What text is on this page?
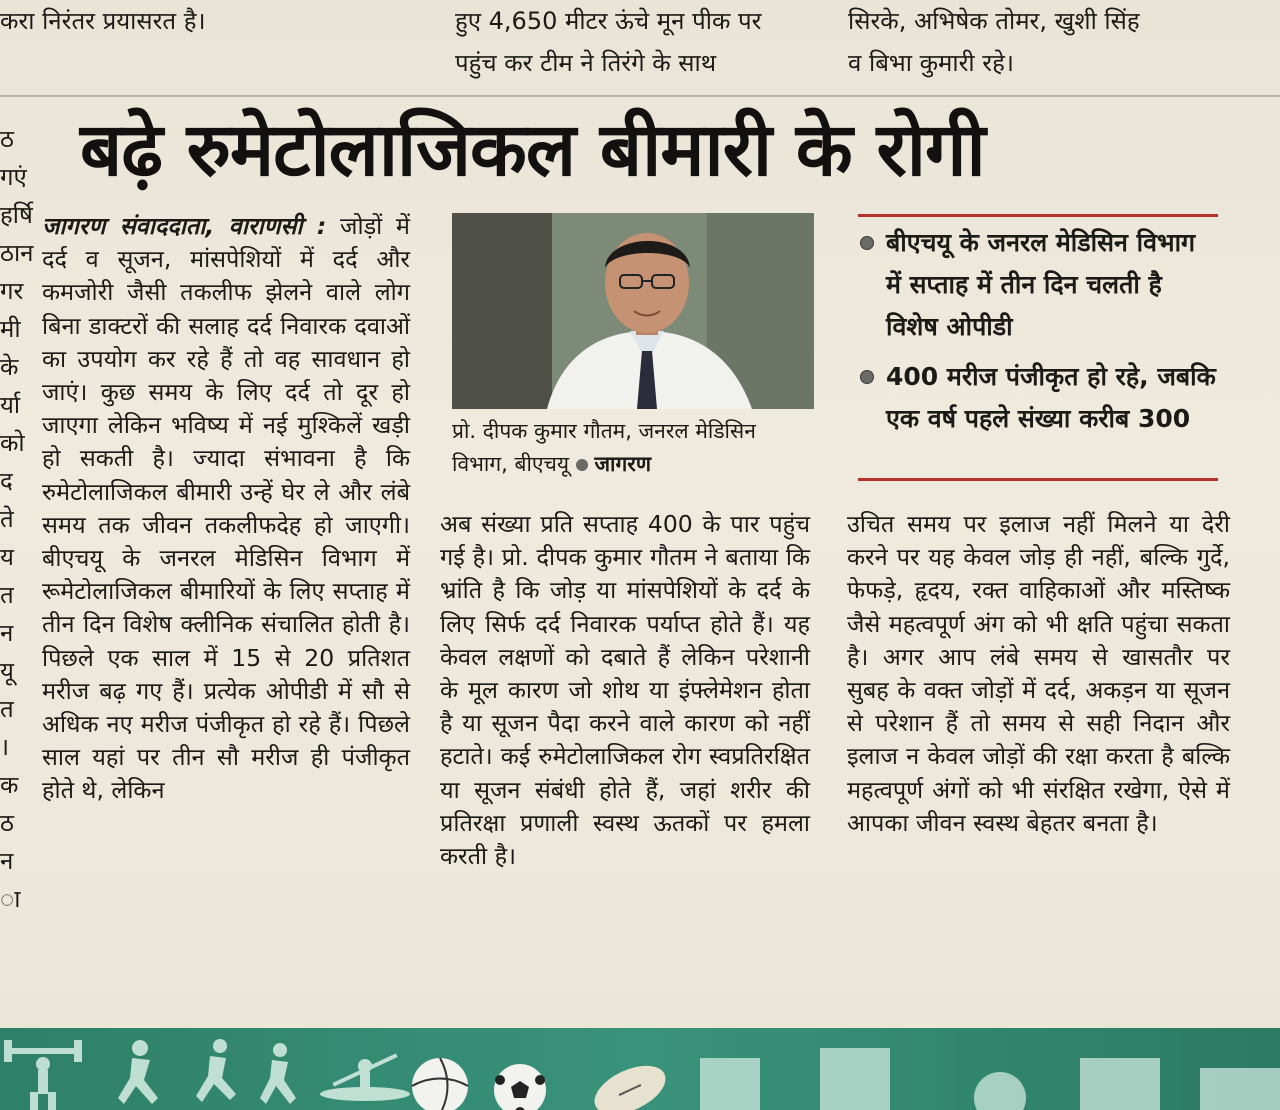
करा निरंतर प्रयासरत है।	हुए 4,650 मीटर ऊंचे मून पीक पर
पहुंच कर टीम ने तिरंगे के साथ
सिरके, अभिषेक तोमर, खुशी सिंह
व बिभा कुमारी रहे।
बढ़े रुमेटोलाजिकल बीमारी के रोगी
ठ
गएं
हर्षि
ठान
गर
मी
के
र्या
को
द
ते
य
त
न
यू
त
।
क
ठ
न
ा

जागरण संवाददाता, वाराणसी : जोड़ों में दर्द व सूजन, मांसपेशियों में दर्द और कमजोरी जैसी तकलीफ झेलने वाले लोग बिना डाक्टरों की सलाह दर्द निवारक दवाओं का उपयोग कर रहे हैं तो वह सावधान हो जाएं। कुछ समय के लिए दर्द तो दूर हो जाएगा लेकिन भविष्य में नई मुश्किलें खड़ी हो सकती है। ज्यादा संभावना है कि रुमेटोलाजिकल बीमारी उन्हें घेर ले और लंबे समय तक जीवन तकलीफदेह हो जाएगी। बीएचयू के जनरल मेडिसिन विभाग में रूमेटोलाजिकल बीमारियों के लिए सप्ताह में तीन दिन विशेष क्लीनिक संचालित होती है। पिछले एक साल में 15 से 20 प्रतिशत मरीज बढ़ गए हैं। प्रत्येक ओपीडी में सौ से अधिक नए मरीज पंजीकृत हो रहे हैं। पिछले साल यहां पर तीन सौ मरीज ही पंजीकृत होते थे, लेकिन

प्रो. दीपक कुमार गौतम, जनरल मेडिसिन विभाग, बीएचयू जागरण
बीएचयू के जनरल मेडिसिन विभाग में सप्ताह में तीन दिन चलती है विशेष ओपीडी
400 मरीज पंजीकृत हो रहे, जबकि एक वर्ष पहले संख्या करीब 300

अब संख्या प्रति सप्ताह 400 के पार पहुंच गई है। प्रो. दीपक कुमार गौतम ने बताया कि भ्रांति है कि जोड़ या मांसपेशियों के दर्द के लिए सिर्फ दर्द निवारक पर्याप्त होते हैं। यह केवल लक्षणों को दबाते हैं लेकिन परेशानी के मूल कारण जो शोथ या इंफ्लेमेशन होता है या सूजन पैदा करने वाले कारण को नहीं हटाते। कई रुमेटोलाजिकल रोग स्वप्रतिरक्षित या सूजन संबंधी होते हैं, जहां शरीर की प्रतिरक्षा प्रणाली स्वस्थ ऊतकों पर हमला करती है।

उचित समय पर इलाज नहीं मिलने या देरी करने पर यह केवल जोड़ ही नहीं, बल्कि गुर्दे, फेफड़े, हृदय, रक्त वाहिकाओं और मस्तिष्क जैसे महत्वपूर्ण अंग को भी क्षति पहुंचा सकता है। अगर आप लंबे समय से खासतौर पर सुबह के वक्त जोड़ों में दर्द, अकड़न या सूजन से परेशान हैं तो समय से सही निदान और इलाज न केवल जोड़ों की रक्षा करता है बल्कि महत्वपूर्ण अंगों को भी संरक्षित रखेगा, ऐसे में आपका जीवन स्वस्थ बेहतर बनता है।
